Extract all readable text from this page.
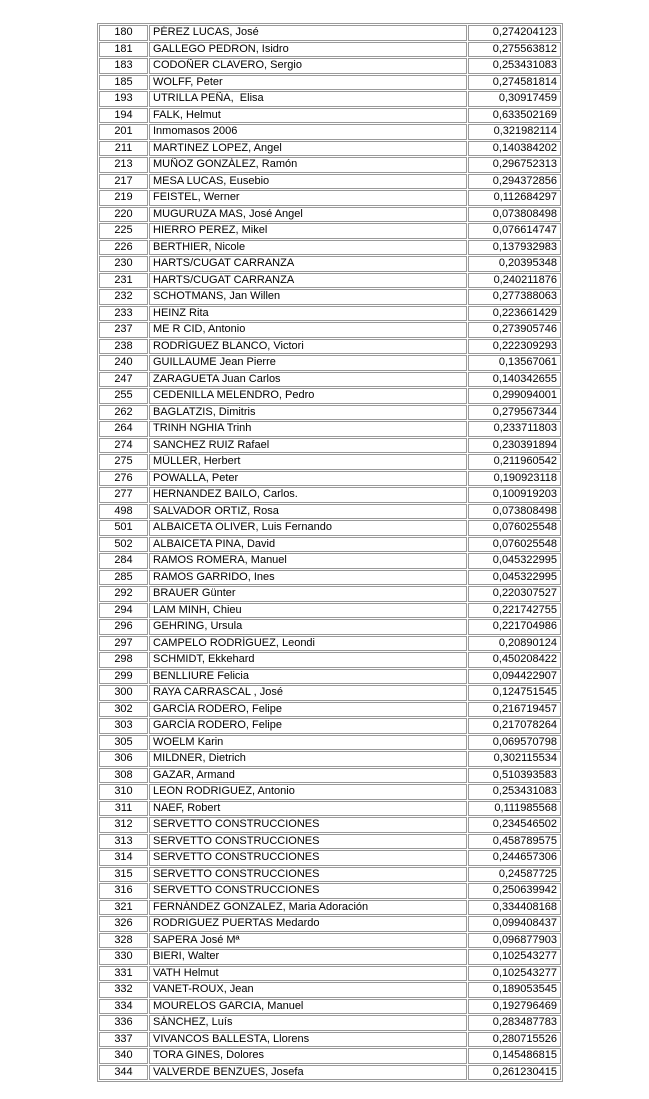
180	PÉREZ LUCAS, José	0,274204123
181	GALLEGO PEDRON, Isidro	0,275563812
183	CODOÑER CLAVERO, Sergio	0,253431083
185	WOLFF, Peter	0,274581814
193	UTRILLA PEÑA,  Elisa	0,30917459
194	FALK, Helmut	0,633502169
201	Inmomasos 2006	0,321982114
211	MARTINEZ LOPEZ, Angel	0,140384202
213	MUÑOZ GONZÁLEZ, Ramón	0,296752313
217	MESA LUCAS, Eusebio	0,294372856
219	FEISTEL, Werner	0,112684297
220	MUGURUZA MAS, José Angel	0,073808498
225	HIERRO PEREZ, Mikel	0,076614747
226	BERTHIER, Nicole	0,137932983
230	HARTS/CUGAT CARRANZA	0,20395348
231	HARTS/CUGAT CARRANZA	0,240211876
232	SCHOTMANS, Jan Willen	0,277388063
233	HEINZ Rita	0,223661429
237	ME R CID, Antonio	0,273905746
238	RODRÍGUEZ BLANCO, Victori	0,222309293
240	GUILLAUME Jean Pierre	0,13567061
247	ZARAGUETA Juan Carlos	0,140342655
255	CEDENILLA MELENDRO, Pedro	0,299094001
262	BAGLATZIS, Dimitris	0,279567344
264	TRINH NGHIA Trinh	0,233711803
274	SANCHEZ RUIZ Rafael	0,230391894
275	MÜLLER, Herbert	0,211960542
276	POWALLA, Peter	0,190923118
277	HERNANDEZ BAILO, Carlos.	0,100919203
498	SALVADOR ORTIZ, Rosa	0,073808498
501	ALBAICETA OLIVER, Luis Fernando	0,076025548
502	ALBAICETA PINA, David	0,076025548
284	RAMOS ROMERA, Manuel	0,045322995
285	RAMOS GARRIDO, Ines	0,045322995
292	BRAUER Günter	0,220307527
294	LAM MINH, Chieu	0,221742755
296	GEHRING, Ursula	0,221704986
297	CAMPELO RODRÍGUEZ, Leondi	0,20890124
298	SCHMIDT, Ekkehard	0,450208422
299	BENLLIURE Felicia	0,094422907
300	RAYA CARRASCAL , José	0,124751545
302	GARCÍA RODERO, Felipe	0,216719457
303	GARCÍA RODERO, Felipe	0,217078264
305	WOELM Karin	0,069570798
306	MILDNER, Dietrich	0,302115534
308	GAZAR, Armand	0,510393583
310	LEON RODRIGUEZ, Antonio	0,253431083
311	NAEF, Robert	0,111985568
312	SERVETTO CONSTRUCCIONES	0,234546502
313	SERVETTO CONSTRUCCIONES	0,458789575
314	SERVETTO CONSTRUCCIONES	0,244657306
315	SERVETTO CONSTRUCCIONES	0,24587725
316	SERVETTO CONSTRUCCIONES	0,250639942
321	FERNÁNDEZ GONZALEZ, Maria Adoración	0,334408168
326	RODRIGUEZ PUERTAS Medardo	0,099408437
328	SAPERA José Mª	0,096877903
330	BIERI, Walter	0,102543277
331	VATH Helmut	0,102543277
332	VANET-ROUX, Jean	0,189053545
334	MOURELOS GARCIA, Manuel	0,192796469
336	SÁNCHEZ, Luís	0,283487783
337	VIVANCOS BALLESTA, Llorens	0,280715526
340	TORA GINES, Dolores	0,145486815
344	VALVERDE BENZUES, Josefa	0,261230415
